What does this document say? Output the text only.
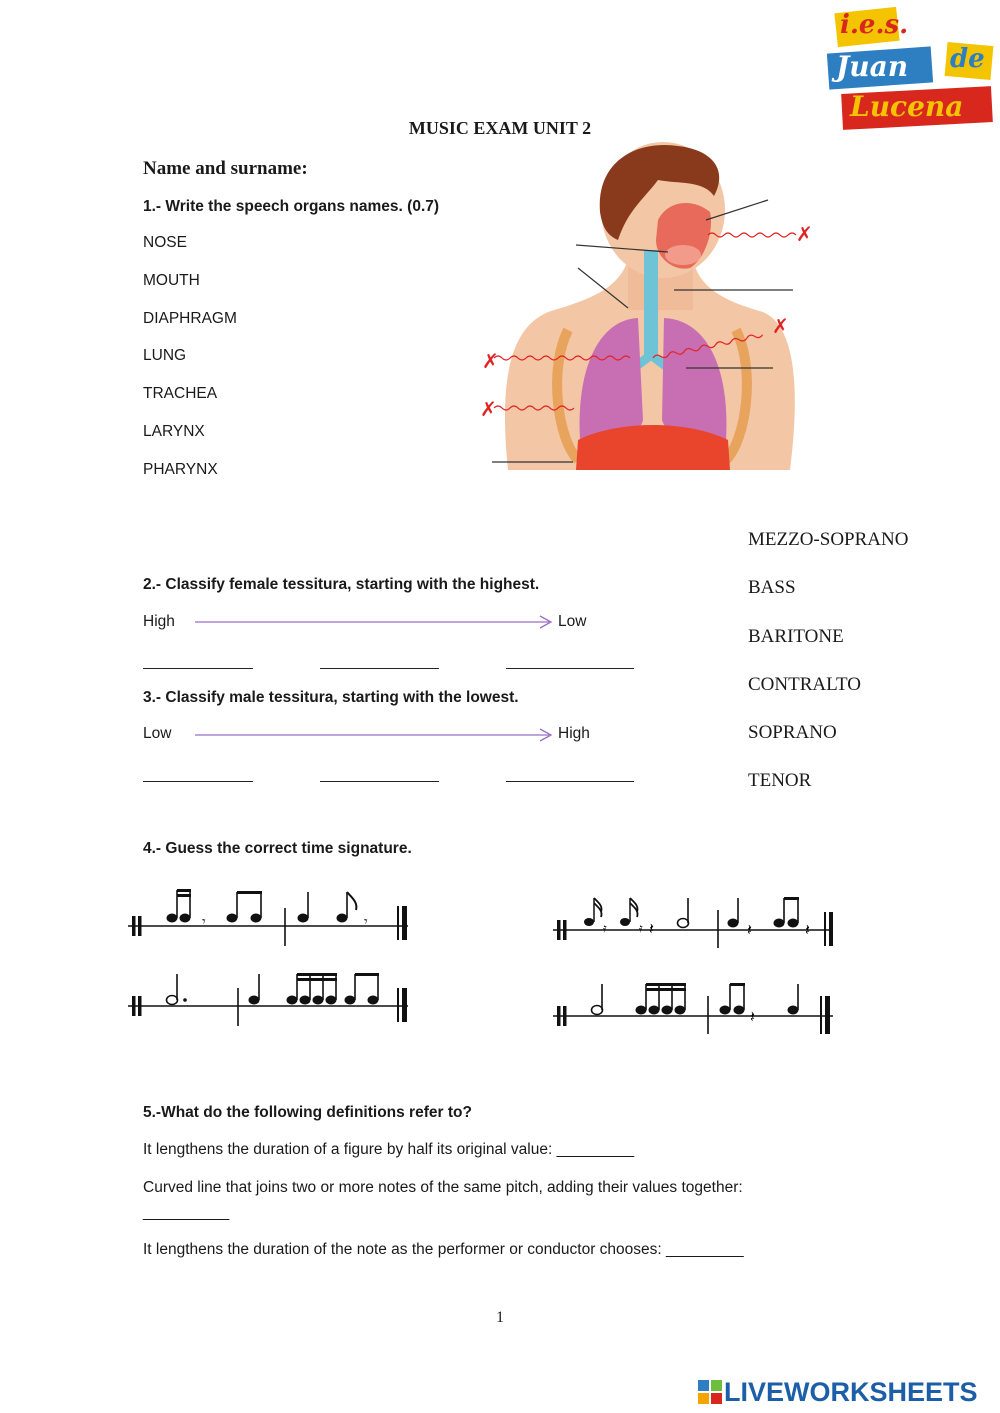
i.e.s.
Juan de
Lucena
MUSIC EXAM UNIT 2
Name and surname:
1.- Write the speech organs names. (0.7)
NOSE
MOUTH
DIAPHRAGM
LUNG
TRACHEA
LARYNX
PHARYNX
✗
✗
✗
✗
MEZZO-SOPRANO
BASS
BARITONE
CONTRALTO
SOPRANO
TENOR
2.- Classify female tessitura, starting with the highest.
High	Low
3.- Classify male tessitura, starting with the lowest.
Low	High
4.- Guess the correct time signature.
𝄾	𝄾	𝄿	𝄿 𝄽	𝄽	𝄽
𝄽
5.-What do the following definitions refer to?
It lengthens the duration of a figure by half its original value: _________
Curved line that joins two or more notes of the same pitch, adding their values together:
__________
It lengthens the duration of the note as the performer or conductor chooses: _________
1
LIVE WORKSHEETS
